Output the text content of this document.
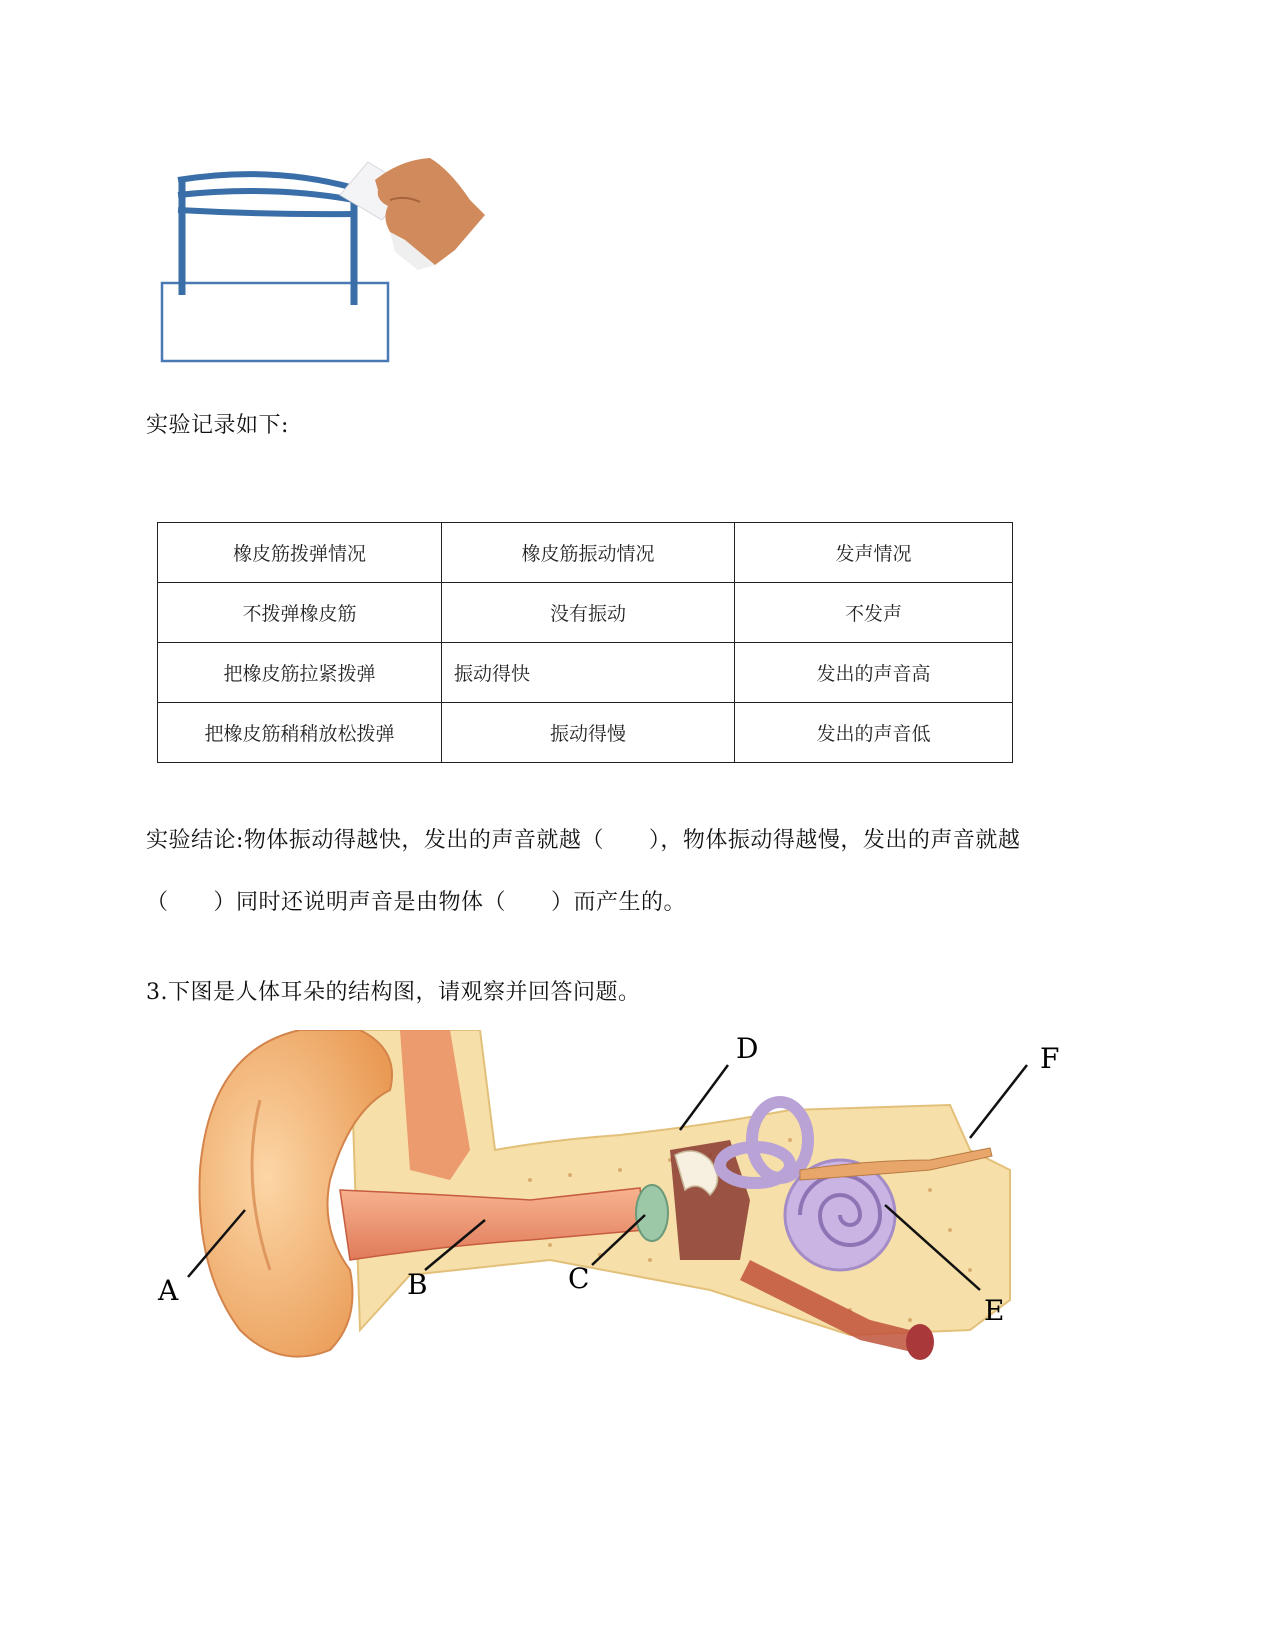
实验记录如下:
橡皮筋拨弹情况	橡皮筋振动情况	发声情况
不拨弹橡皮筋	没有振动	不发声
把橡皮筋拉紧拨弹	振动得快	发出的声音高
把橡皮筋稍稍放松拨弹	振动得慢	发出的声音低
实验结论:物体振动得越快，发出的声音就越（　　），物体振动得越慢，发出的声音就越
（　　）同时还说明声音是由物体（　　）而产生的。
3.下图是人体耳朵的结构图，请观察并回答问题。
A	B	C
D	F
E
